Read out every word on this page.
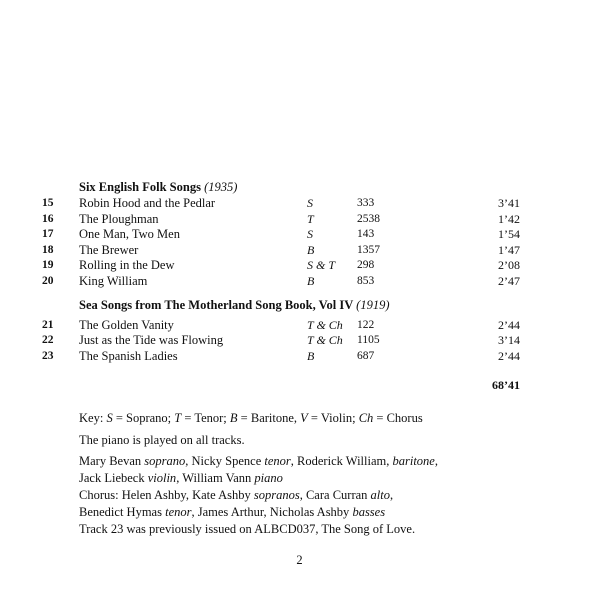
Six English Folk Songs (1935)
15	Robin Hood and the Pedlar	S	333	3’41
16	The Ploughman	T	2538	1’42
17	One Man, Two Men	S	143	1’54
18	The Brewer	B	1357	1’47
19	Rolling in the Dew	S & T 298	2’08
20	King William	B	853	2’47
Sea Songs from The Motherland Song Book, Vol IV (1919)
21	The Golden Vanity	T & Ch 122	2’44
22	Just as the Tide was Flowing	T & Ch 1105	3’14
23	The Spanish Ladies	B	687	2’44
68’41

Key: S = Soprano; T = Tenor; B = Baritone, V = Violin; Ch = Chorus

The piano is played on all tracks.

Mary Bevan soprano, Nicky Spence tenor, Roderick William, baritone,

Jack Liebeck violin, William Vann piano

Chorus: Helen Ashby, Kate Ashby sopranos, Cara Curran alto,

Benedict Hymas tenor, James Arthur, Nicholas Ashby basses

Track 23 was previously issued on ALBCD037, The Song of Love.

2
